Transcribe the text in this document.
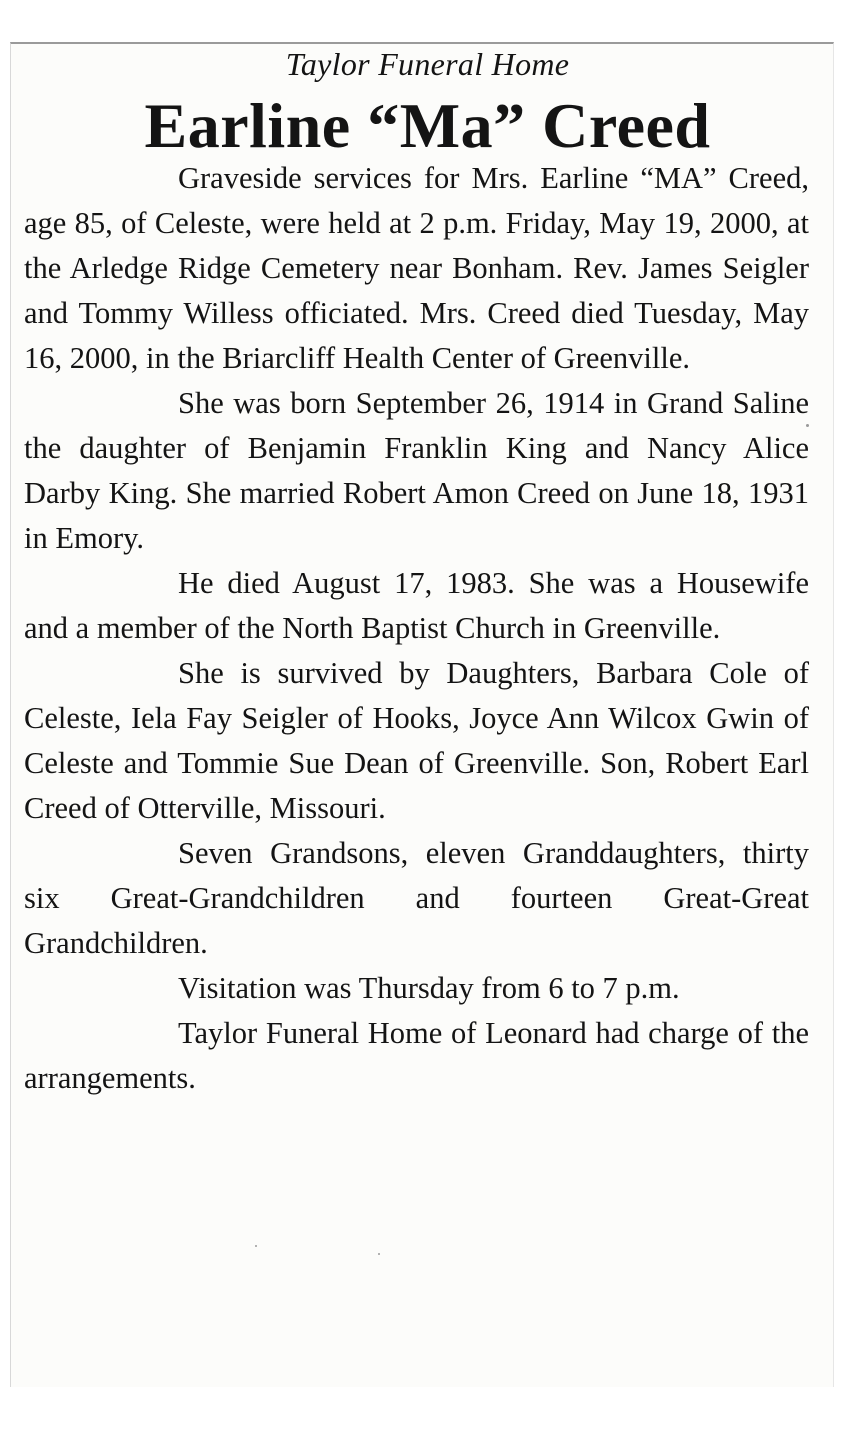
Taylor Funeral Home
Earline “Ma” Creed

Graveside services for Mrs. Earline “MA” Creed, age 85, of Celeste, were held at 2 p.m. Friday, May 19, 2000, at the Arledge Ridge Cemetery near Bonham. Rev. James Seigler and Tommy Willess officiated. Mrs. Creed died Tuesday, May 16, 2000, in the Briarcliff Health Center of Greenville.

She was born September 26, 1914 in Grand Saline the daughter of Benjamin Franklin King and Nancy Alice Darby King. She married Robert Amon Creed on June 18, 1931 in Emory.

He died August 17, 1983. She was a Housewife and a member of the North Baptist Church in Greenville.

She is survived by Daughters, Barbara Cole of Celeste, Iela Fay Seigler of Hooks, Joyce Ann Wilcox Gwin of Celeste and Tommie Sue Dean of Greenville. Son, Robert Earl Creed of Otterville, Missouri.

Seven Grandsons, eleven Granddaughters, thirty six Great-Grandchildren and fourteen Great-Great Grandchildren.

Visitation was Thursday from 6 to 7 p.m.

Taylor Funeral Home of Leonard had charge of the arrangements.
